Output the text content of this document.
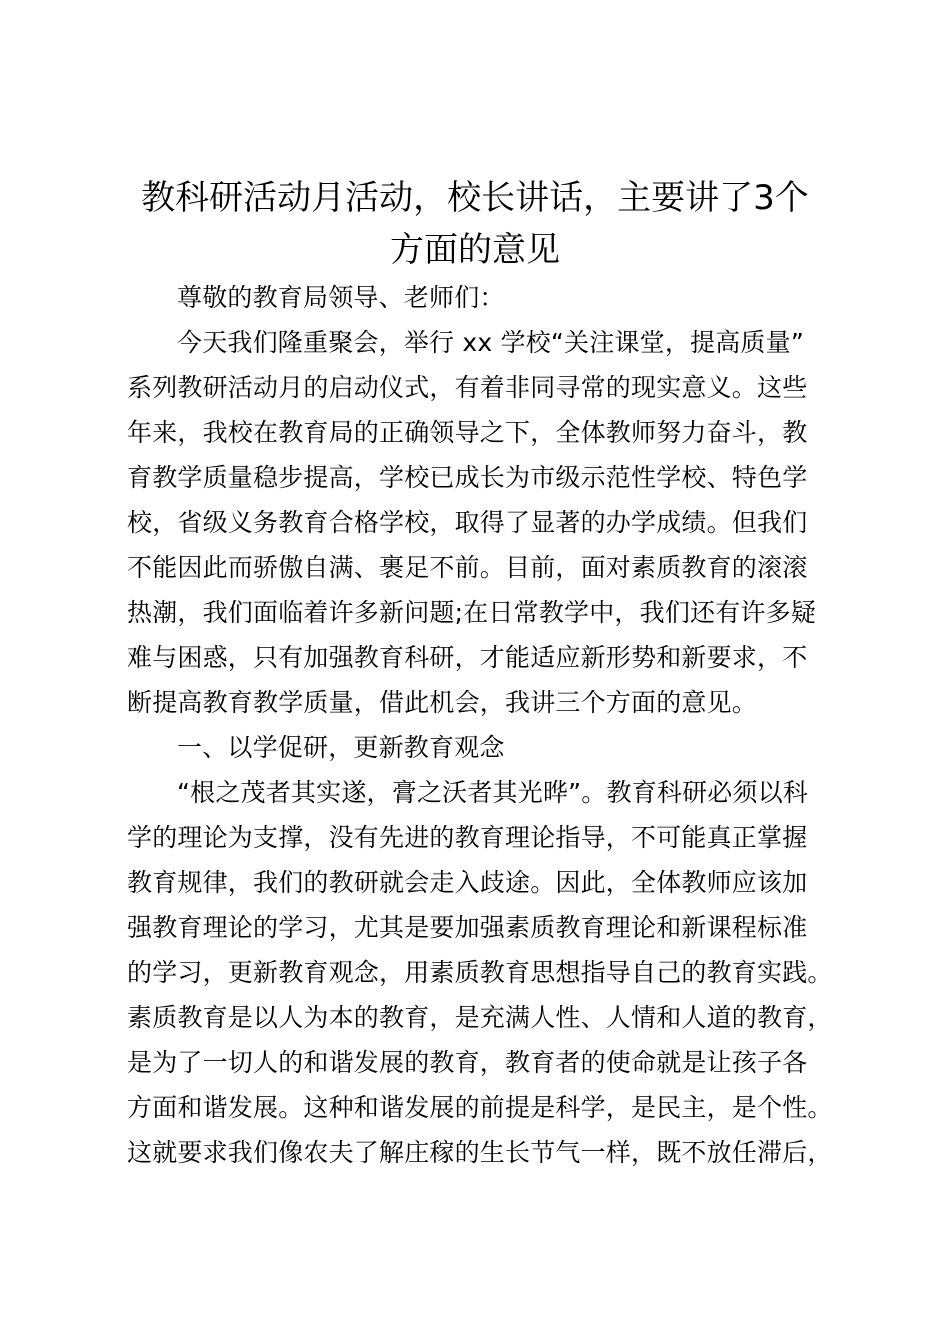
教科研活动月活动，校长讲话，主要讲了3个
方面的意见
尊敬的教育局领导、老师们：
今天我们隆重聚会，举行 xx 学校“关注课堂，提高质量”
系列教研活动月的启动仪式，有着非同寻常的现实意义。这些
年来，我校在教育局的正确领导之下，全体教师努力奋斗，教
育教学质量稳步提高，学校已成长为市级示范性学校、特色学
校，省级义务教育合格学校，取得了显著的办学成绩。但我们
不能因此而骄傲自满、裹足不前。目前，面对素质教育的滚滚
热潮，我们面临着许多新问题;在日常教学中，我们还有许多疑
难与困惑，只有加强教育科研，才能适应新形势和新要求，不
断提高教育教学质量，借此机会，我讲三个方面的意见。
一、以学促研，更新教育观念
“根之茂者其实遂，膏之沃者其光晔”。教育科研必须以科
学的理论为支撑，没有先进的教育理论指导，不可能真正掌握
教育规律，我们的教研就会走入歧途。因此，全体教师应该加
强教育理论的学习，尤其是要加强素质教育理论和新课程标准
的学习，更新教育观念，用素质教育思想指导自己的教育实践。
素质教育是以人为本的教育，是充满人性、人情和人道的教育，
是为了一切人的和谐发展的教育，教育者的使命就是让孩子各
方面和谐发展。这种和谐发展的前提是科学，是民主，是个性。
这就要求我们像农夫了解庄稼的生长节气一样，既不放任滞后，
